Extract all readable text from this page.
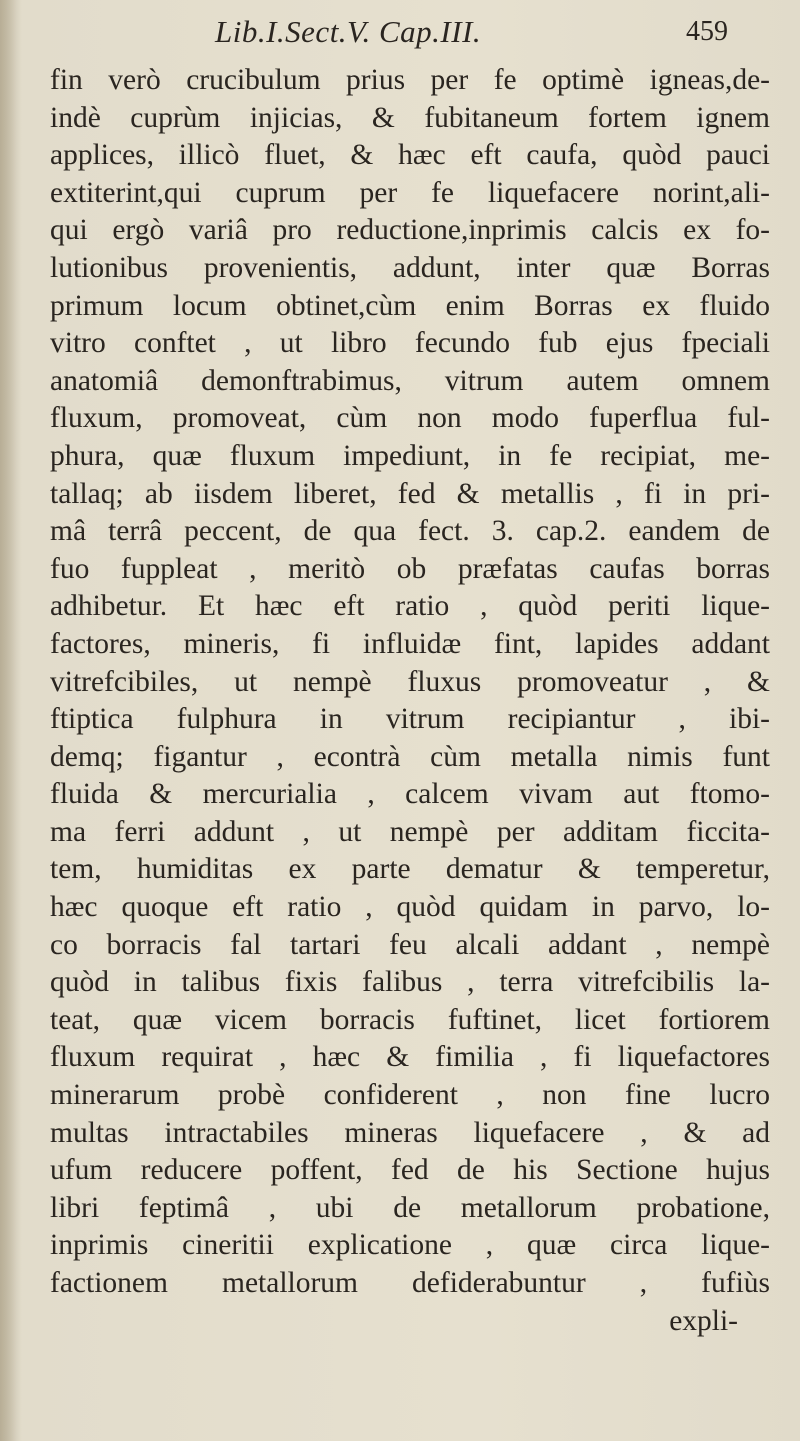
Lib.I.Sect.V. Cap.III.	459
fin verò crucibulum prius per fe optimè igneas,de-
indè cuprùm injicias, & fubitaneum fortem ignem
applices, illicò fluet, & hæc eft caufa, quòd pauci
extiterint,qui cuprum per fe liquefacere norint,ali-
qui ergò variâ pro reductione,inprimis calcis ex fo-
lutionibus provenientis, addunt, inter quæ Borras
primum locum obtinet,cùm enim Borras ex fluido
vitro conftet , ut libro fecundo fub ejus fpeciali
anatomiâ demonftrabimus, vitrum autem omnem
fluxum, promoveat, cùm non modo fuperflua ful-
phura, quæ fluxum impediunt, in fe recipiat, me-
tallaq; ab iisdem liberet, fed & metallis , fi in pri-
mâ terrâ peccent, de qua fect. 3. cap.2. eandem de
fuo fuppleat , meritò ob præfatas caufas borras
adhibetur. Et hæc eft ratio , quòd periti lique-
factores, mineris, fi influidæ fint, lapides addant
vitrefcibiles, ut nempè fluxus promoveatur , &
ftiptica fulphura in vitrum recipiantur , ibi-
demq; figantur , econtrà cùm metalla nimis funt
fluida & mercurialia , calcem vivam aut ftomo-
ma ferri addunt , ut nempè per additam ficcita-
tem, humiditas ex parte dematur & temperetur,
hæc quoque eft ratio , quòd quidam in parvo, lo-
co borracis fal tartari feu alcali addant , nempè
quòd in talibus fixis falibus , terra vitrefcibilis la-
teat, quæ vicem borracis fuftinet, licet fortiorem
fluxum requirat , hæc & fimilia , fi liquefactores
minerarum probè confiderent , non fine lucro
multas intractabiles mineras liquefacere , & ad
ufum reducere poffent, fed de his Sectione hujus
libri feptimâ , ubi de metallorum probatione,
inprimis cineritii explicatione , quæ circa lique-
factionem metallorum defiderabuntur , fufiùs
expli-
